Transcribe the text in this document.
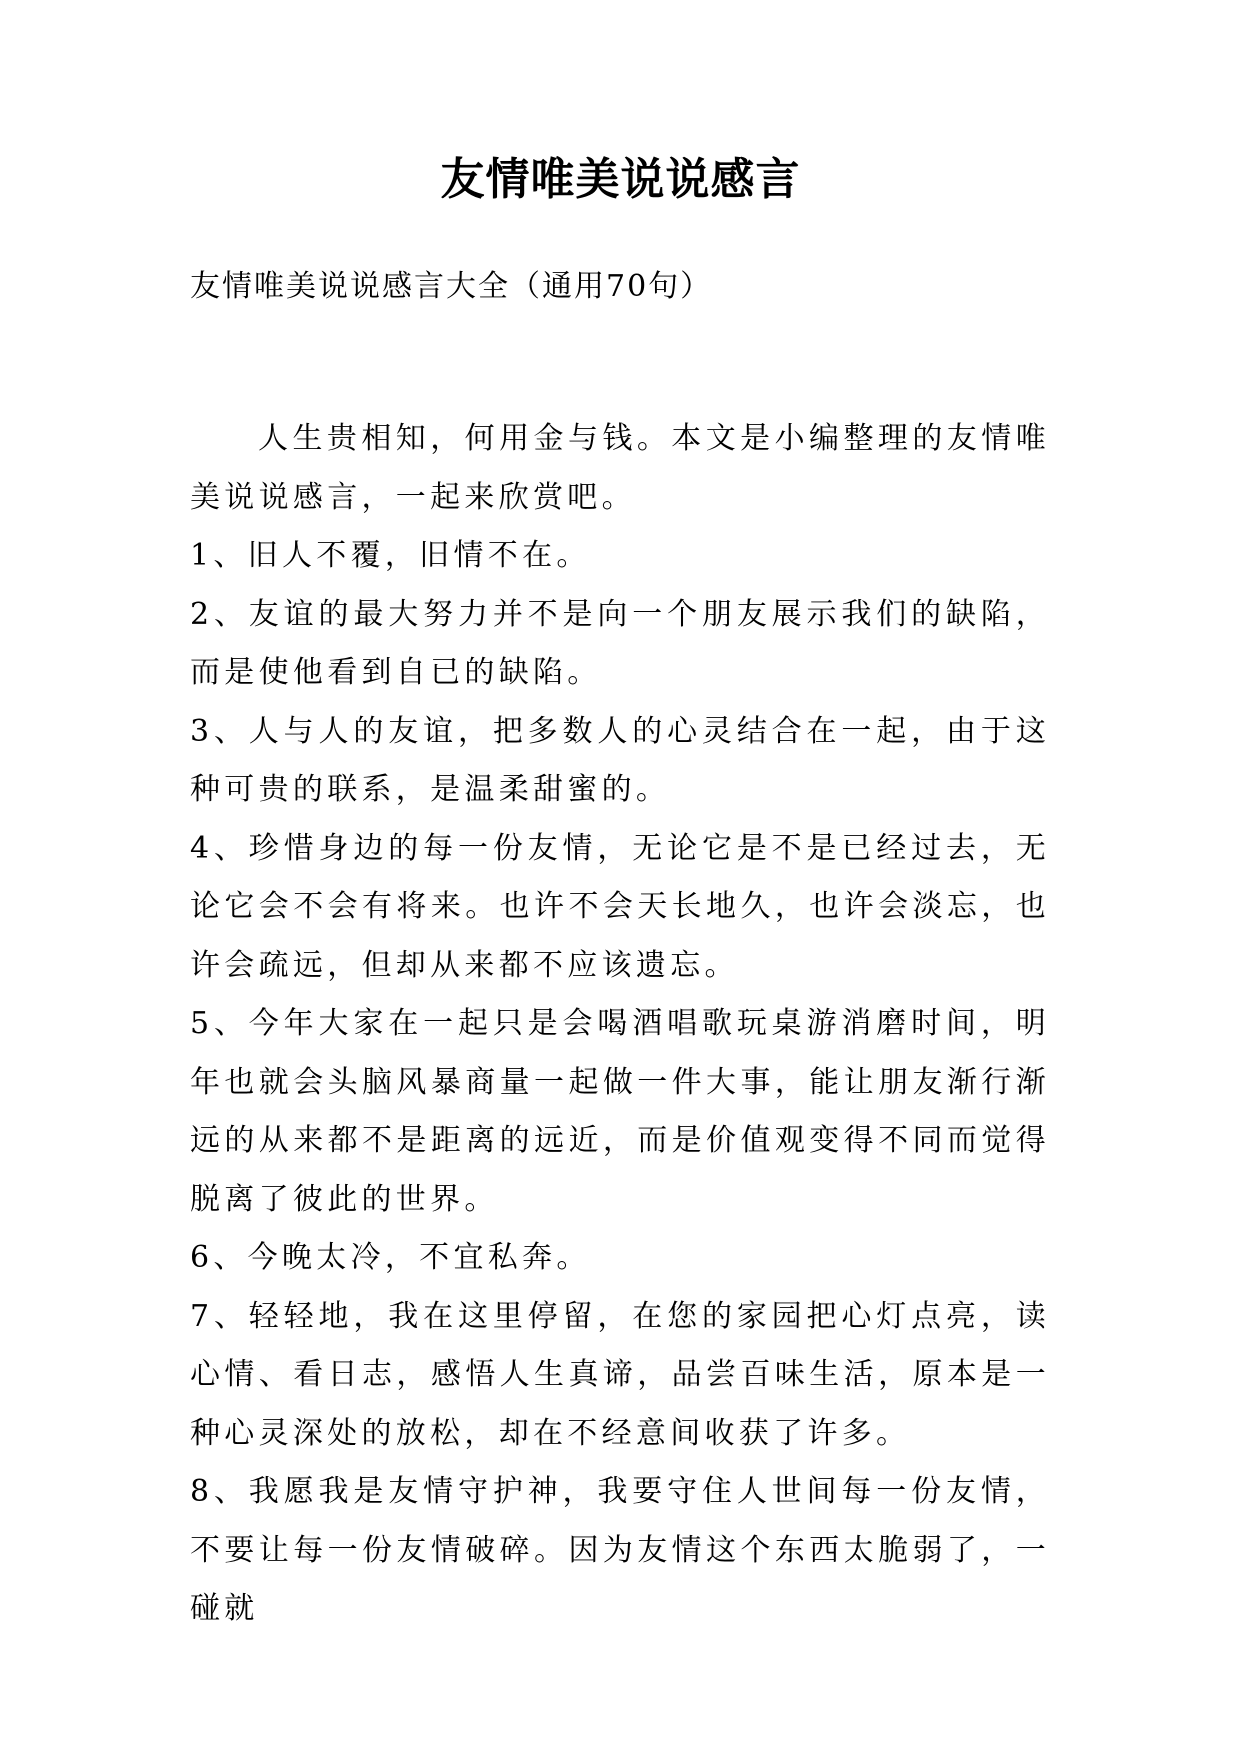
友情唯美说说感言

友情唯美说说感言大全（通用70句）

人生贵相知，何用金与钱。本文是小编整理的友情唯美说说感言，一起来欣赏吧。

1、旧人不覆，旧情不在。

2、友谊的最大努力并不是向一个朋友展示我们的缺陷，而是使他看到自已的缺陷。

3、人与人的友谊，把多数人的心灵结合在一起，由于这种可贵的联系，是温柔甜蜜的。

4、珍惜身边的每一份友情，无论它是不是已经过去，无论它会不会有将来。也许不会天长地久，也许会淡忘，也许会疏远，但却从来都不应该遗忘。

5、今年大家在一起只是会喝酒唱歌玩桌游消磨时间，明年也就会头脑风暴商量一起做一件大事，能让朋友渐行渐远的从来都不是距离的远近，而是价值观变得不同而觉得脱离了彼此的世界。

6、今晚太冷，不宜私奔。

7、轻轻地，我在这里停留，在您的家园把心灯点亮，读心情、看日志，感悟人生真谛，品尝百味生活，原本是一种心灵深处的放松，却在不经意间收获了许多。

8、我愿我是友情守护神，我要守住人世间每一份友情，不要让每一份友情破碎。因为友情这个东西太脆弱了，一碰就
